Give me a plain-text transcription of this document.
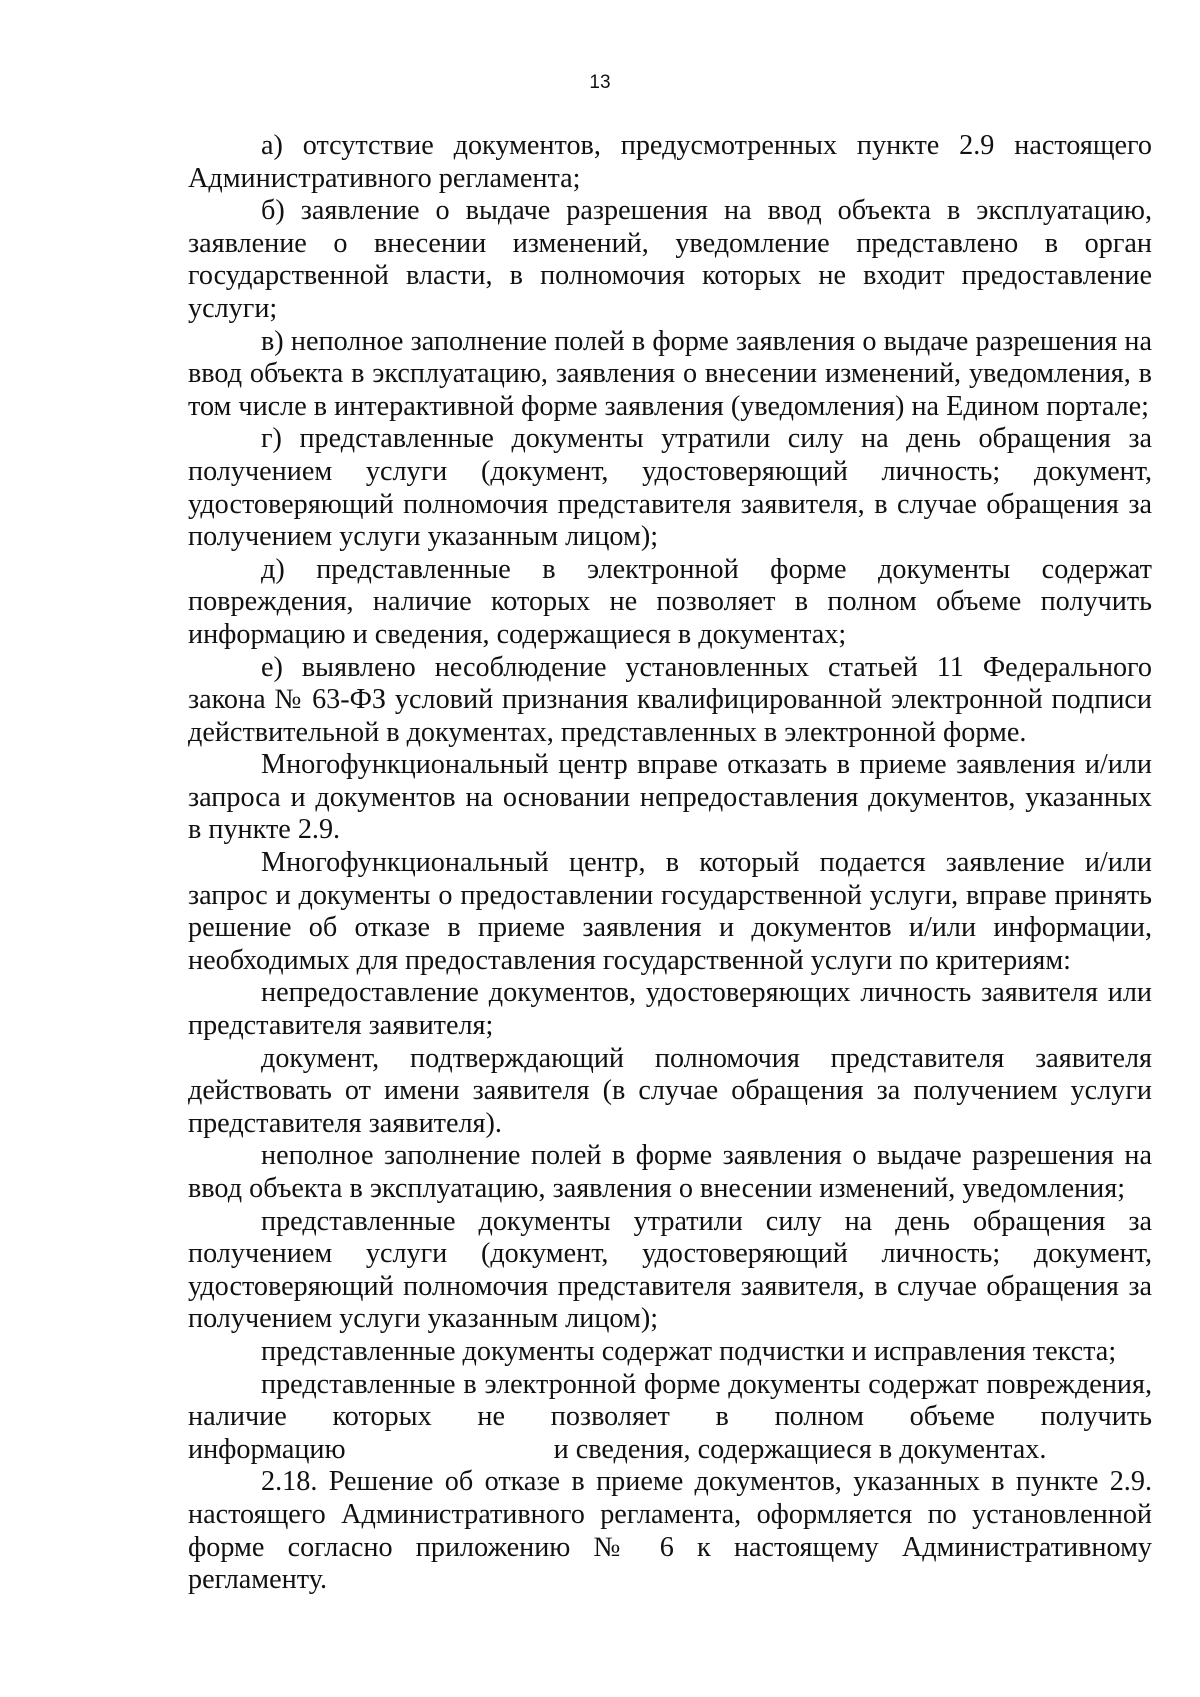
13

а) отсутствие документов, предусмотренных пункте 2.9 настоящего Административного регламента;

б) заявление о выдаче разрешения на ввод объекта в эксплуатацию, заявление о внесении изменений, уведомление представлено в орган государственной власти, в полномочия которых не входит предоставление услуги;

в) неполное заполнение полей в форме заявления о выдаче разрешения на ввод объекта в эксплуатацию, заявления о внесении изменений, уведомления, в том числе в интерактивной форме заявления (уведомления) на Едином портале;

г) представленные документы утратили силу на день обращения за получением услуги (документ, удостоверяющий личность; документ, удостоверяющий полномочия представителя заявителя, в случае обращения за получением услуги указанным лицом);

д) представленные в электронной форме документы содержат повреждения, наличие которых не позволяет в полном объеме получить информацию и сведения, содержащиеся в документах;

е) выявлено несоблюдение установленных статьей 11 Федерального закона № 63-ФЗ условий признания квалифицированной электронной подписи действительной в документах, представленных в электронной форме.

Многофункциональный центр вправе отказать в приеме заявления и/или запроса и документов на основании непредоставления документов, указанных в пункте 2.9.

Многофункциональный центр, в который подается заявление и/или запрос и документы о предоставлении государственной услуги, вправе принять решение об отказе в приеме заявления и документов и/или информации, необходимых для предоставления государственной услуги по критериям:

непредоставление документов, удостоверяющих личность заявителя или представителя заявителя;

документ, подтверждающий полномочия представителя заявителя действовать от имени заявителя (в случае обращения за получением услуги представителя заявителя).

неполное заполнение полей в форме заявления о выдаче разрешения на ввод объекта в эксплуатацию, заявления о внесении изменений, уведомления;

представленные документы утратили силу на день обращения за получением услуги (документ, удостоверяющий личность; документ, удостоверяющий полномочия представителя заявителя, в случае обращения за получением услуги указанным лицом);

представленные документы содержат подчистки и исправления текста;

представленные в электронной форме документы содержат повреждения, наличие которых не позволяет в полном объеме получить информацию	и сведения, содержащиеся в документах.

2.18. Решение об отказе в приеме документов, указанных в пункте 2.9. настоящего Административного регламента, оформляется по установленной форме согласно приложению № 6 к настоящему Административному регламенту.
